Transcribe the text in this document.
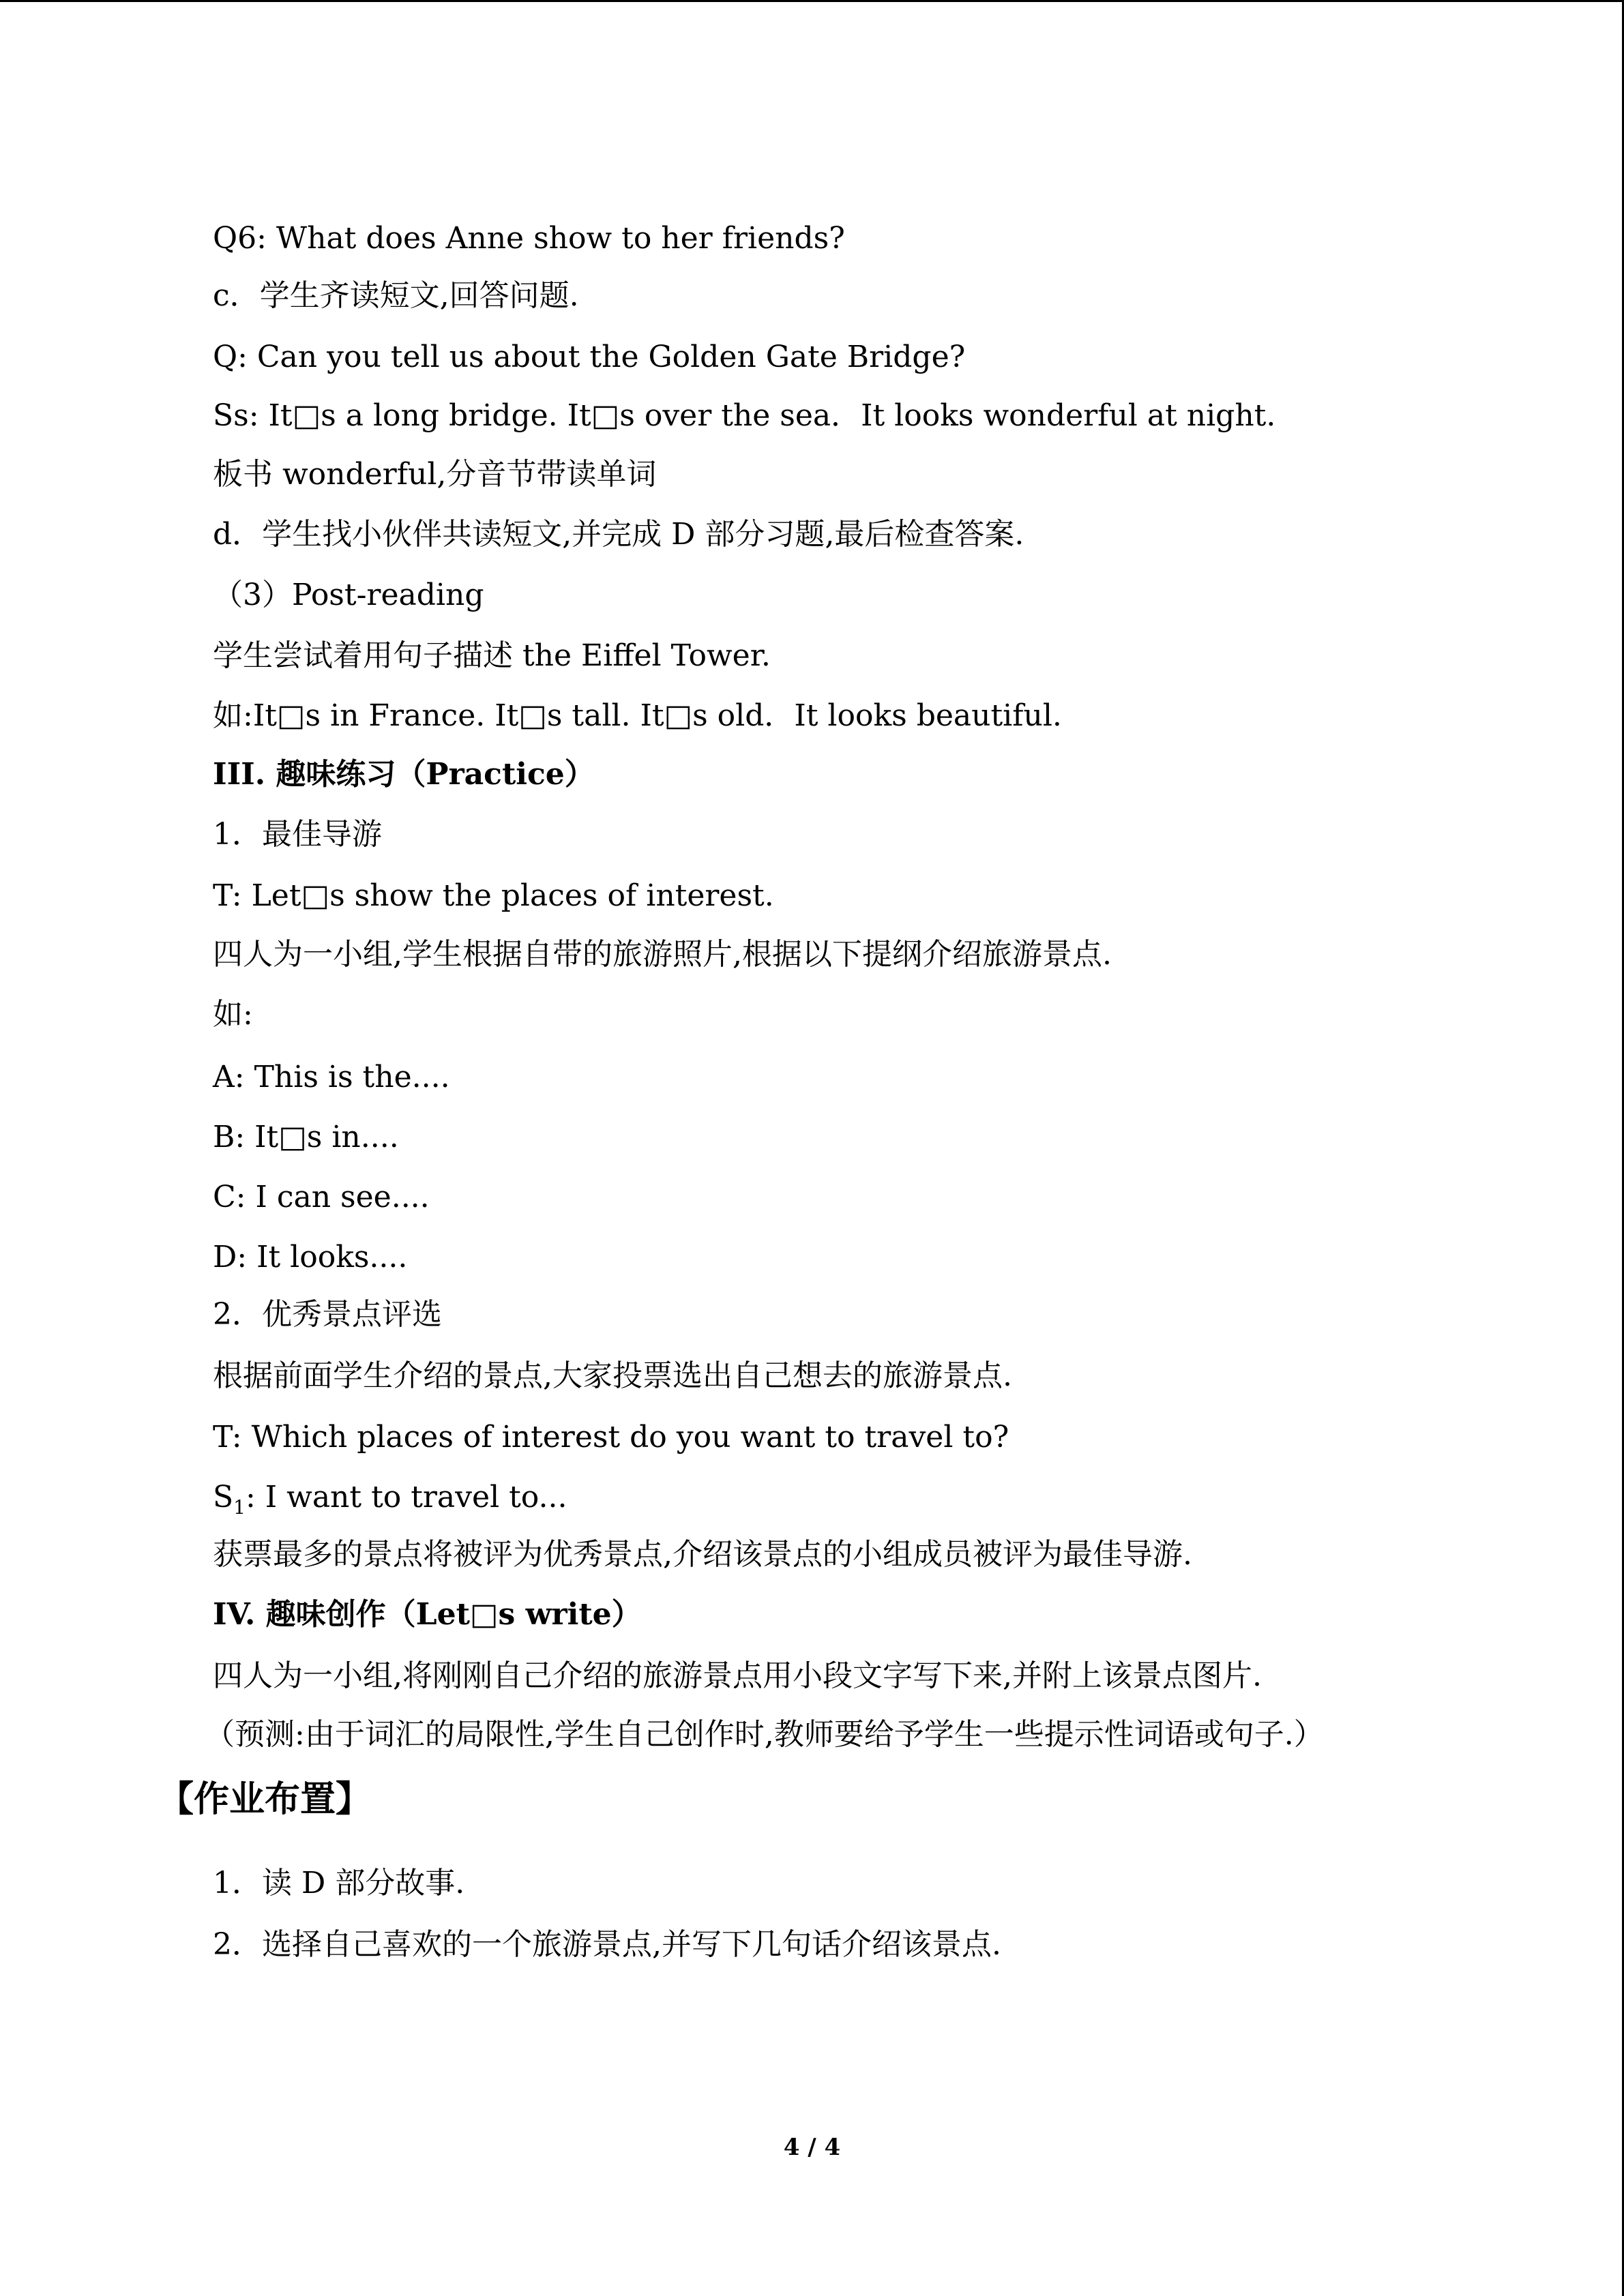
Q6: What does Anne show to her friends?
c．学生齐读短文,回答问题.
Q: Can you tell us about the Golden Gate Bridge?
Ss: It□s a long bridge. It□s over the sea．It looks wonderful at night.
板书 wonderful,分音节带读单词
d．学生找小伙伴共读短文,并完成 D 部分习题,最后检查答案.
（3）Post-reading
学生尝试着用句子描述 the Eiffel Tower.
如:It□s in France. It□s tall. It□s old．It looks beautiful.
III. 趣味练习（Practice）
1．最佳导游
T: Let□s show the places of interest.
四人为一小组,学生根据自带的旅游照片,根据以下提纲介绍旅游景点.
如:
A: This is the....
B: It□s in....
C: I can see....
D: It looks....
2．优秀景点评选
根据前面学生介绍的景点,大家投票选出自己想去的旅游景点.
T: Which places of interest do you want to travel to?
$S_1$: I want to travel to...
获票最多的景点将被评为优秀景点,介绍该景点的小组成员被评为最佳导游.
IV. 趣味创作（Let□s write）
四人为一小组,将刚刚自己介绍的旅游景点用小段文字写下来,并附上该景点图片.
（预测:由于词汇的局限性,学生自己创作时,教师要给予学生一些提示性词语或句子.）
【作业布置】
1．读 D 部分故事.
2．选择自己喜欢的一个旅游景点,并写下几句话介绍该景点.
4 / 4
